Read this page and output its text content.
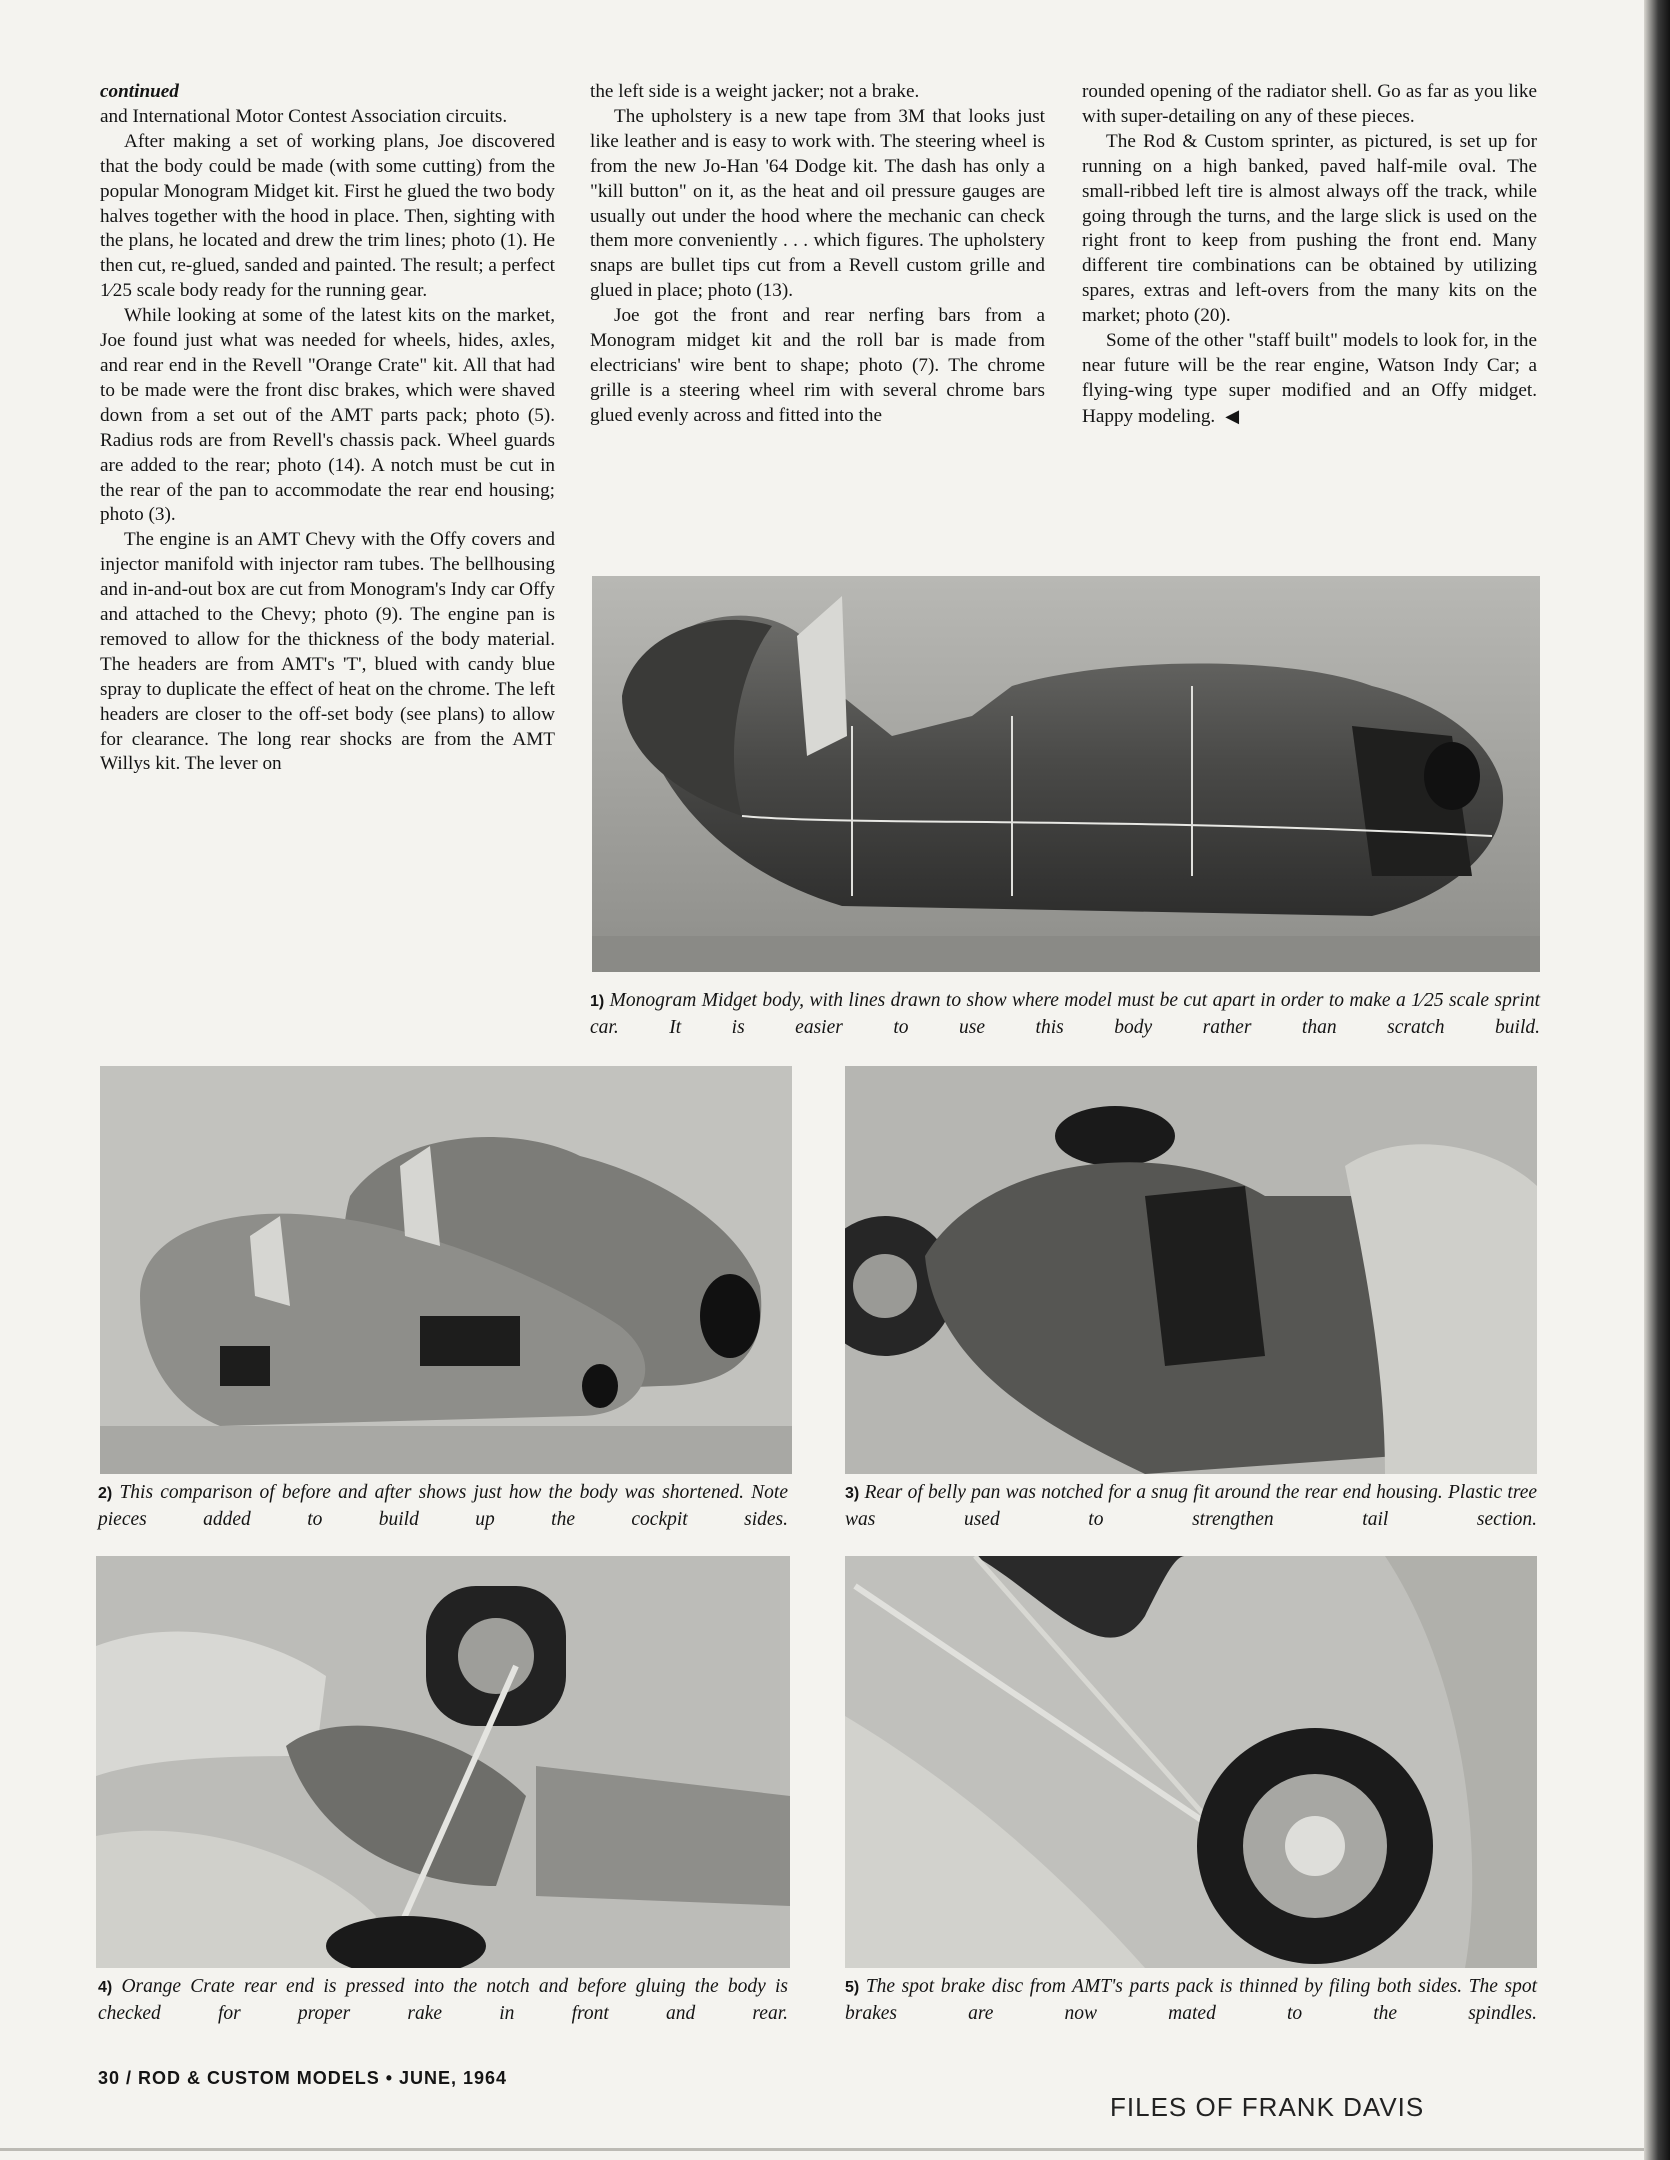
continued

and International Motor Contest Association circuits.

After making a set of working plans, Joe discovered that the body could be made (with some cutting) from the popular Monogram Midget kit. First he glued the two body halves together with the hood in place. Then, sighting with the plans, he located and drew the trim lines; photo (1). He then cut, re-glued, sanded and painted. The result; a perfect 1⁄25 scale body ready for the running gear.

While looking at some of the latest kits on the market, Joe found just what was needed for wheels, hides, axles, and rear end in the Revell "Orange Crate" kit. All that had to be made were the front disc brakes, which were shaved down from a set out of the AMT parts pack; photo (5). Radius rods are from Revell's chassis pack. Wheel guards are added to the rear; photo (14). A notch must be cut in the rear of the pan to accommodate the rear end housing; photo (3).

The engine is an AMT Chevy with the Offy covers and injector manifold with injector ram tubes. The bellhousing and in-and-out box are cut from Monogram's Indy car Offy and attached to the Chevy; photo (9). The engine pan is removed to allow for the thickness of the body material. The headers are from AMT's 'T', blued with candy blue spray to duplicate the effect of heat on the chrome. The left headers are closer to the off-set body (see plans) to allow for clearance. The long rear shocks are from the AMT Willys kit. The lever on

the left side is a weight jacker; not a brake.

The upholstery is a new tape from 3M that looks just like leather and is easy to work with. The steering wheel is from the new Jo-Han '64 Dodge kit. The dash has only a "kill button" on it, as the heat and oil pressure gauges are usually out under the hood where the mechanic can check them more conveniently . . . which figures. The upholstery snaps are bullet tips cut from a Revell custom grille and glued in place; photo (13).

Joe got the front and rear nerfing bars from a Monogram midget kit and the roll bar is made from electricians' wire bent to shape; photo (7). The chrome grille is a steering wheel rim with several chrome bars glued evenly across and fitted into the

rounded opening of the radiator shell. Go as far as you like with super-detailing on any of these pieces.

The Rod & Custom sprinter, as pictured, is set up for running on a high banked, paved half-mile oval. The small-ribbed left tire is almost always off the track, while going through the turns, and the large slick is used on the right front to keep from pushing the front end. Many different tire combinations can be obtained by utilizing spares, extras and left-overs from the many kits on the market; photo (20).

Some of the other "staff built" models to look for, in the near future will be the rear engine, Watson Indy Car; a flying-wing type super modified and an Offy midget. Happy modeling. ◀

1) Monogram Midget body, with lines drawn to show where model must be cut apart in order to make a 1⁄25 scale sprint car. It is easier to use this body rather than scratch build.
2) This comparison of before and after shows just how the body was shortened. Note pieces added to build up the cockpit sides.
3) Rear of belly pan was notched for a snug fit around the rear end housing. Plastic tree was used to strengthen tail section.
4) Orange Crate rear end is pressed into the notch and before gluing the body is checked for proper rake in front and rear.
5) The spot brake disc from AMT's parts pack is thinned by filing both sides. The spot brakes are now mated to the spindles.
30 / ROD & CUSTOM MODELS • JUNE, 1964
FILES OF FRANK DAVIS
